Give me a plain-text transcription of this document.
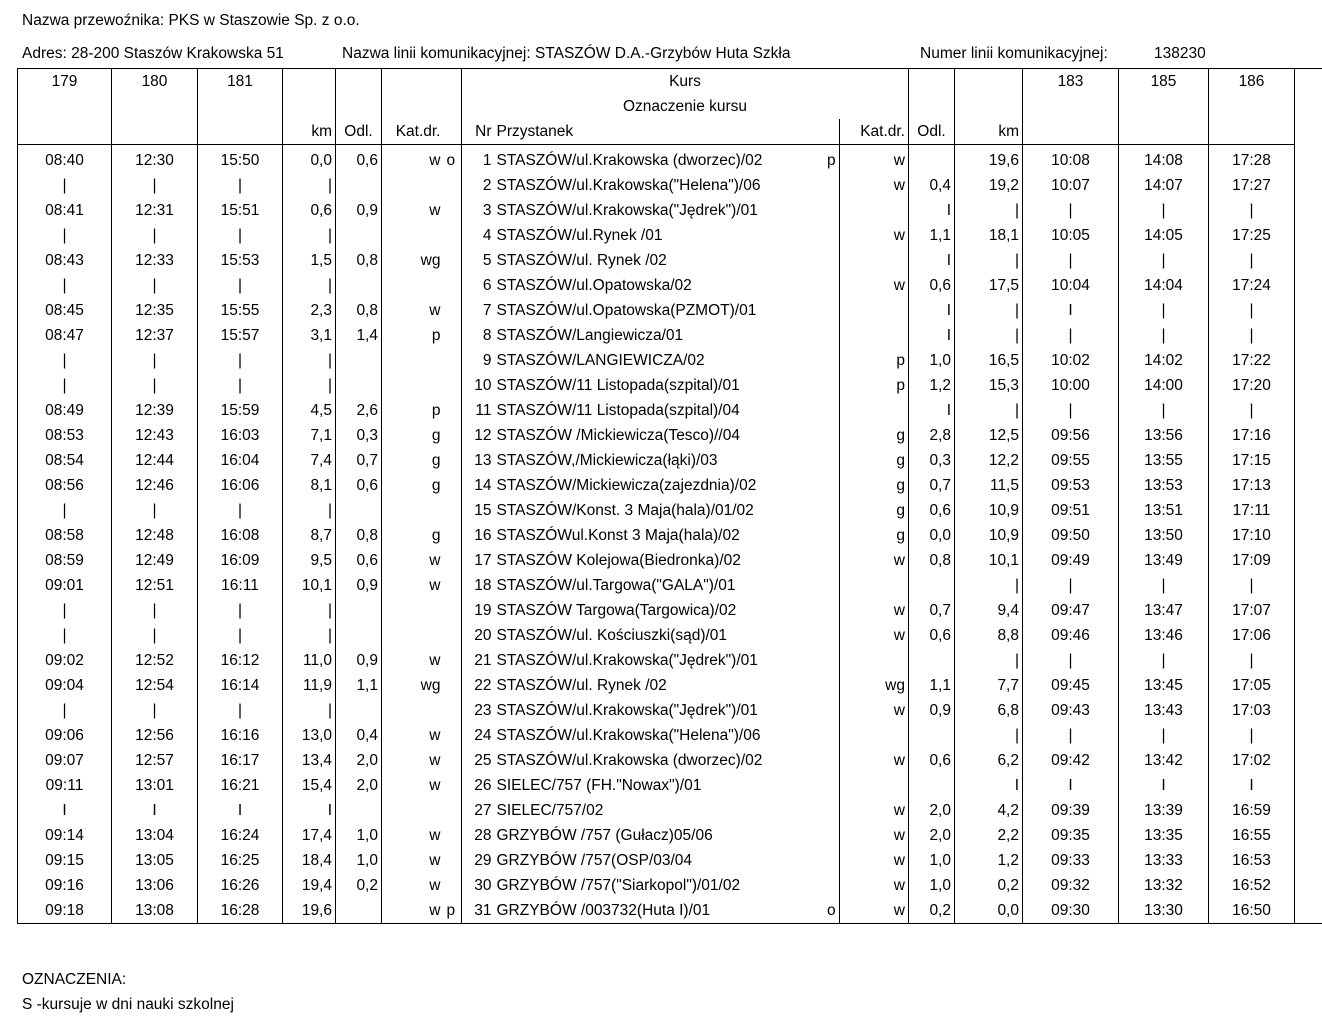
Nazwa przewoźnika: PKS w Staszowie Sp. z o.o.
Adres: 28-200 Staszów Krakowska 51	Nazwa linii komunikacyjnej: STASZÓW D.A.-Grzybów Huta Szkła	Numer linii komunikacyjnej:	138230
179	180	181					Kurs						183	185	186
							Oznaczenie kursu								
			km	Odl.	Kat.dr.		Nr	Przystanek		Kat.dr.	Odl.	km			
08:40	12:30	15:50	0,0	0,6	w	o	1	STASZÓW/ul.Krakowska (dworzec)/02	p	w		19,6	10:08	14:08	17:28
|	|	|	|				2	STASZÓW/ul.Krakowska("Helena")/06		w	0,4	19,2	10:07	14:07	17:27
08:41	12:31	15:51	0,6	0,9	w		3	STASZÓW/ul.Krakowska("Jędrek")/01			I	|	|	|	|
|	|	|	|				4	STASZÓW/ul.Rynek /01		w	1,1	18,1	10:05	14:05	17:25
08:43	12:33	15:53	1,5	0,8	wg		5	STASZÓW/ul. Rynek /02			I	|	|	|	|
|	|	|	|				6	STASZÓW/ul.Opatowska/02		w	0,6	17,5	10:04	14:04	17:24
08:45	12:35	15:55	2,3	0,8	w		7	STASZÓW/ul.Opatowska(PZMOT)/01			I	|	I	|	|
08:47	12:37	15:57	3,1	1,4	p		8	STASZÓW/Langiewicza/01			I	|	|	|	|
|	|	|	|				9	STASZÓW/LANGIEWICZA/02		p	1,0	16,5	10:02	14:02	17:22
|	|	|	|				10	STASZÓW/11 Listopada(szpital)/01		p	1,2	15,3	10:00	14:00	17:20
08:49	12:39	15:59	4,5	2,6	p		11	STASZÓW/11 Listopada(szpital)/04			I	|	|	|	|
08:53	12:43	16:03	7,1	0,3	g		12	STASZÓW /Mickiewicza(Tesco)//04		g	2,8	12,5	09:56	13:56	17:16
08:54	12:44	16:04	7,4	0,7	g		13	STASZÓW,/Mickiewicza(łąki)/03		g	0,3	12,2	09:55	13:55	17:15
08:56	12:46	16:06	8,1	0,6	g		14	STASZÓW/Mickiewicza(zajezdnia)/02		g	0,7	11,5	09:53	13:53	17:13
|	|	|	|				15	STASZÓW/Konst. 3 Maja(hala)/01/02		g	0,6	10,9	09:51	13:51	17:11
08:58	12:48	16:08	8,7	0,8	g		16	STASZÓWul.Konst 3 Maja(hala)/02		g	0,0	10,9	09:50	13:50	17:10
08:59	12:49	16:09	9,5	0,6	w		17	STASZÓW Kolejowa(Biedronka)/02		w	0,8	10,1	09:49	13:49	17:09
09:01	12:51	16:11	10,1	0,9	w		18	STASZÓW/ul.Targowa("GALA")/01				|	|	|	|
|	|	|	|				19	STASZÓW Targowa(Targowica)/02		w	0,7	9,4	09:47	13:47	17:07
|	|	|	|				20	STASZÓW/ul. Kościuszki(sąd)/01		w	0,6	8,8	09:46	13:46	17:06
09:02	12:52	16:12	11,0	0,9	w		21	STASZÓW/ul.Krakowska("Jędrek")/01				|	|	|	|
09:04	12:54	16:14	11,9	1,1	wg		22	STASZÓW/ul. Rynek /02		wg	1,1	7,7	09:45	13:45	17:05
|	|	|	|				23	STASZÓW/ul.Krakowska("Jędrek")/01		w	0,9	6,8	09:43	13:43	17:03
09:06	12:56	16:16	13,0	0,4	w		24	STASZÓW/ul.Krakowska("Helena")/06				|	|	|	|
09:07	12:57	16:17	13,4	2,0	w		25	STASZÓW/ul.Krakowska (dworzec)/02		w	0,6	6,2	09:42	13:42	17:02
09:11	13:01	16:21	15,4	2,0	w		26	SIELEC/757 (FH."Nowax")/01				I	I	I	I
I	I	I	I				27	SIELEC/757/02		w	2,0	4,2	09:39	13:39	16:59
09:14	13:04	16:24	17,4	1,0	w		28	GRZYBÓW /757 (Gułacz)05/06		w	2,0	2,2	09:35	13:35	16:55
09:15	13:05	16:25	18,4	1,0	w		29	GRZYBÓW /757(OSP/03/04		w	1,0	1,2	09:33	13:33	16:53
09:16	13:06	16:26	19,4	0,2	w		30	GRZYBÓW /757("Siarkopol")/01/02		w	1,0	0,2	09:32	13:32	16:52
09:18	13:08	16:28	19,6		w	p	31	GRZYBÓW /003732(Huta I)/01	o	w	0,2	0,0	09:30	13:30	16:50
OZNACZENIA:
S -kursuje w dni nauki szkolnej
